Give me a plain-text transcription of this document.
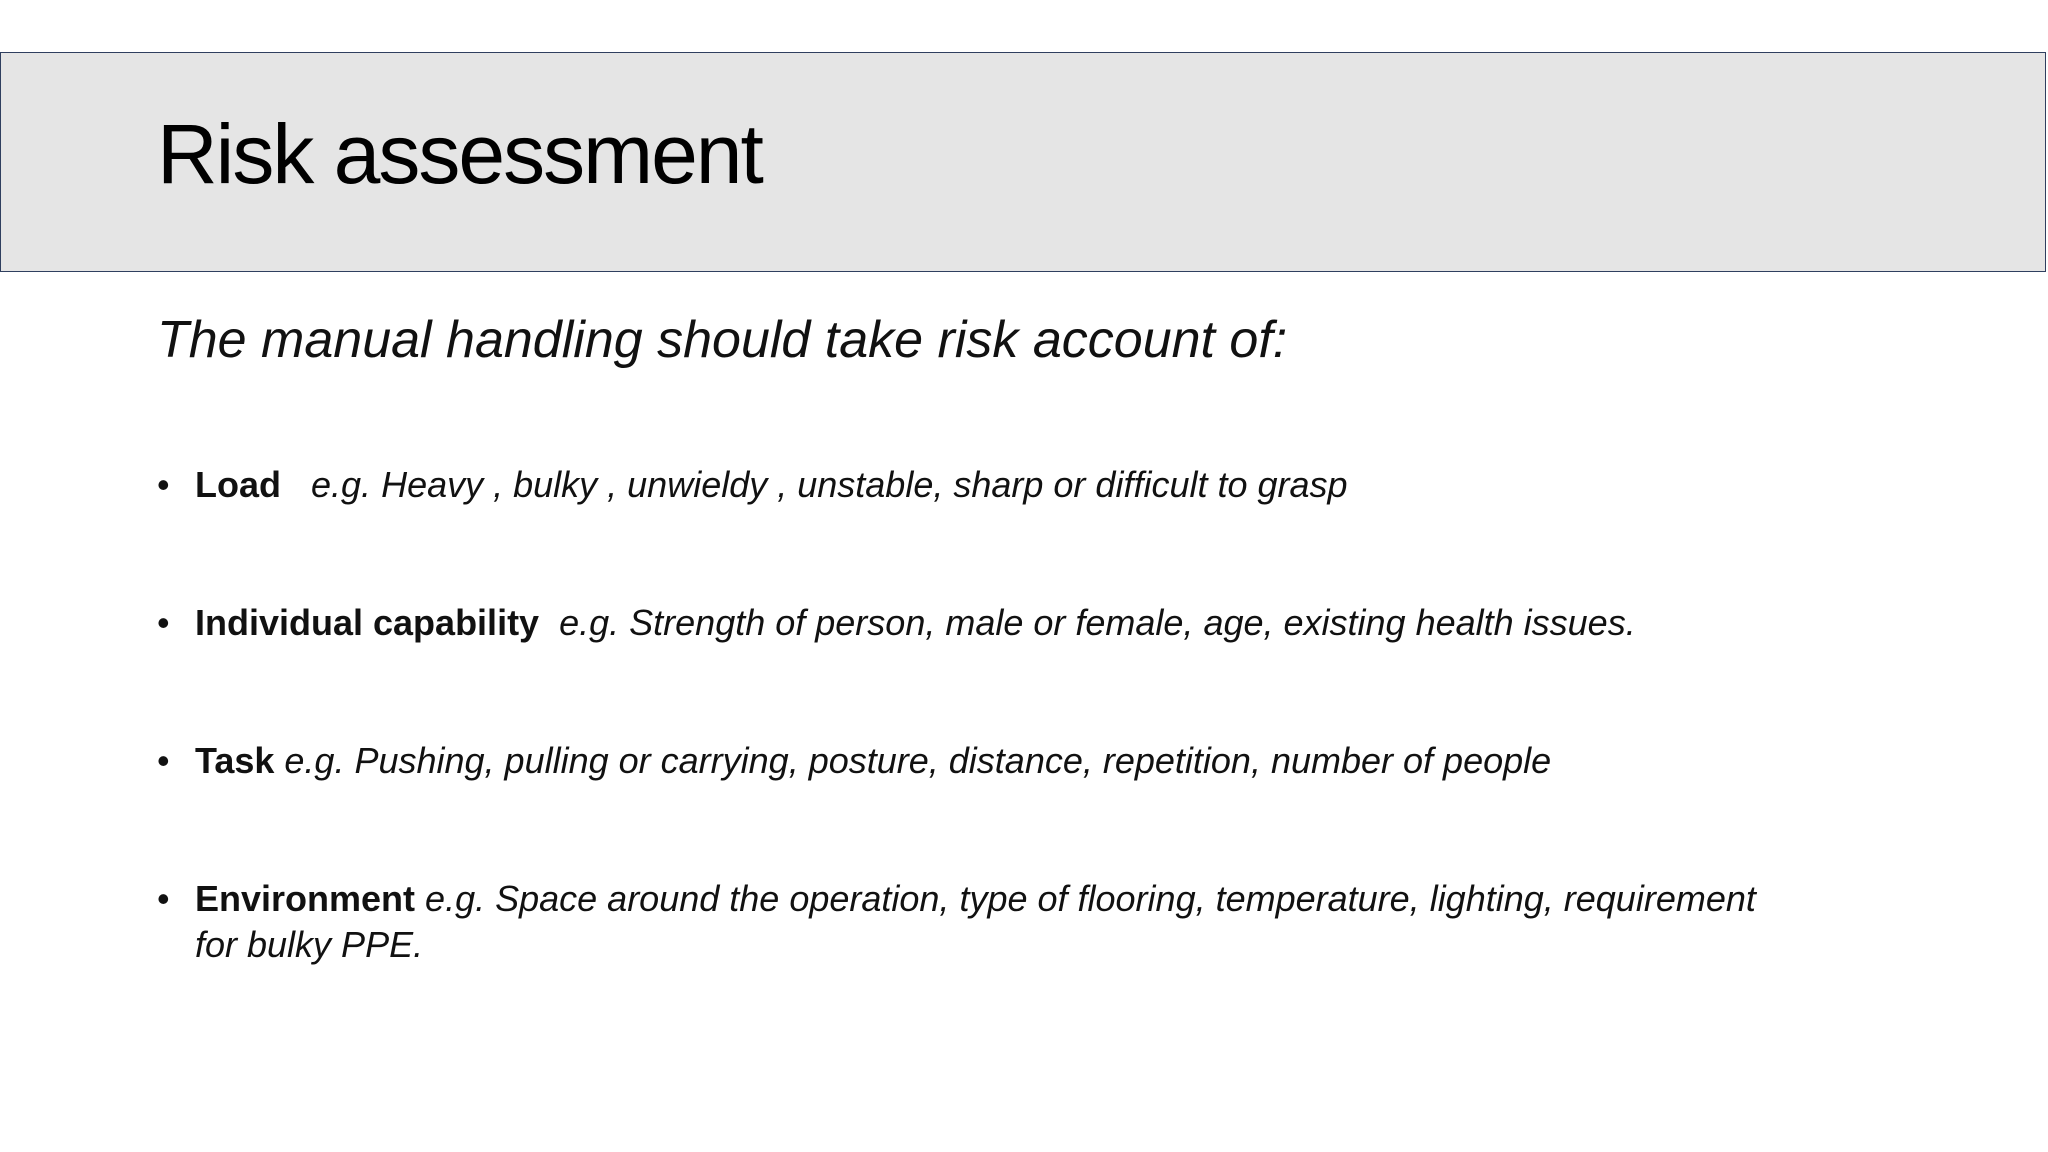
Risk assessment

The manual handling should take risk account of:

• Load e.g. Heavy , bulky , unwieldy , unstable, sharp or difficult to grasp
• Individual capability e.g. Strength of person, male or female, age, existing health issues.
• Task e.g. Pushing, pulling or carrying, posture, distance, repetition, number of people
• Environment e.g. Space around the operation, type of flooring, temperature, lighting, requirement for bulky PPE.
